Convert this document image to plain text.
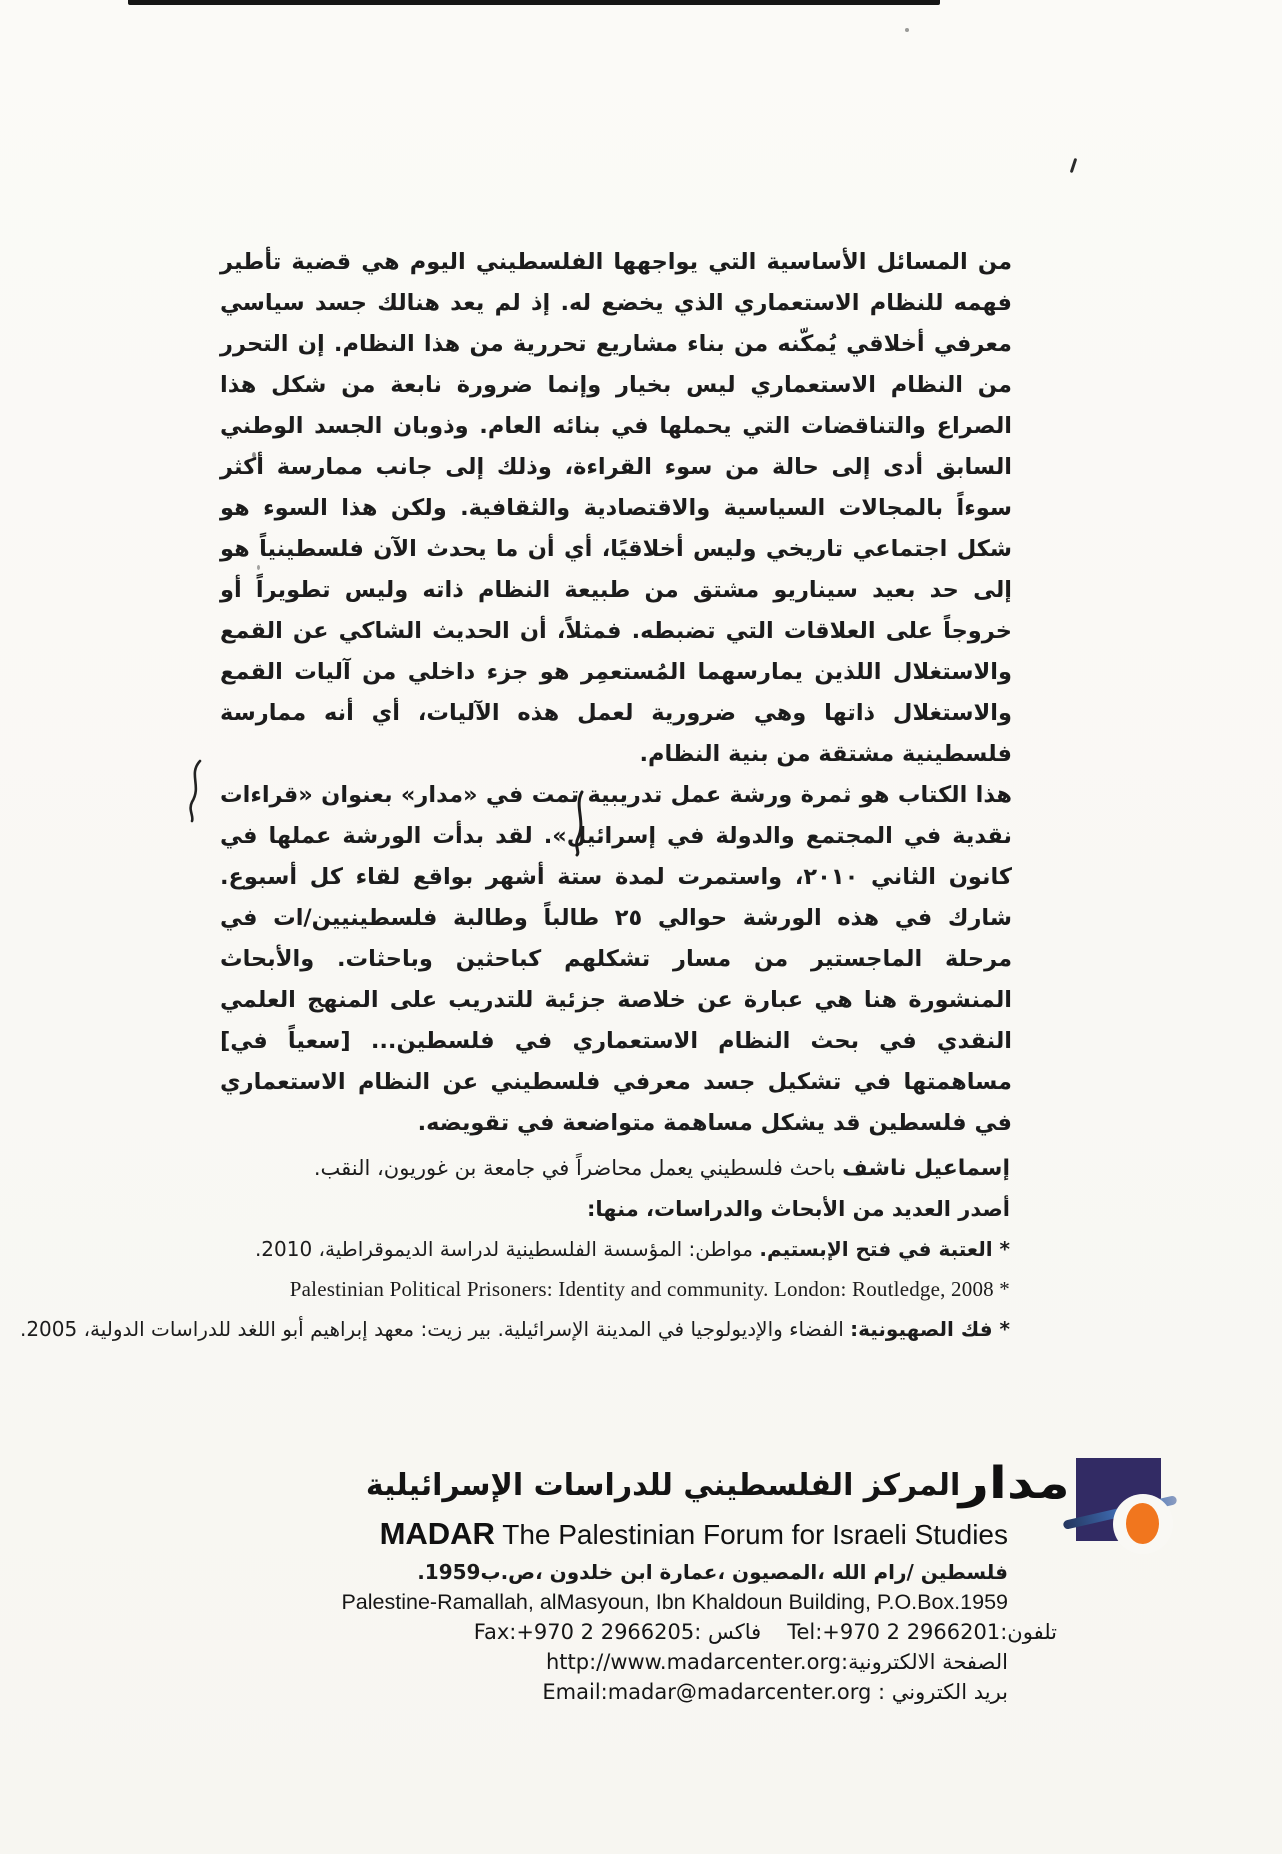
من المسائل الأساسية التي يواجهها الفلسطيني اليوم هي قضية تأطير فهمه للنظام الاستعماري الذي يخضع له. إذ لم يعد هنالك جسد سياسي معرفي أخلاقي يُمكّنه من بناء مشاريع تحررية من هذا النظام. إن التحرر من النظام الاستعماري ليس بخيار وإنما ضرورة نابعة من شكل هذا الصراع والتناقضات التي يحملها في بنائه العام. وذوبان الجسد الوطني السابق أدى إلى حالة من سوء القراءة، وذلك إلى جانب ممارسة أكثر سوءاً بالمجالات السياسية والاقتصادية والثقافية. ولكن هذا السوء هو شكل اجتماعي تاريخي وليس أخلاقيًا، أي أن ما يحدث الآن فلسطينياً هو إلى حد بعيد سيناريو مشتق من طبيعة النظام ذاته وليس تطويراً أو خروجاً على العلاقات التي تضبطه. فمثلاً، أن الحديث الشاكي عن القمع والاستغلال اللذين يمارسهما المُستعمِر هو جزء داخلي من آليات القمع والاستغلال ذاتها وهي ضرورية لعمل هذه الآليات، أي أنه ممارسة فلسطينية مشتقة من بنية النظام.

هذا الكتاب هو ثمرة ورشة عمل تدريبية تمت في «مدار» بعنوان «قراءات نقدية في المجتمع والدولة في إسرائيل». لقد بدأت الورشة عملها في كانون الثاني ٢٠١٠، واستمرت لمدة ستة أشهر بواقع لقاء كل أسبوع. شارك في هذه الورشة حوالي ٢٥ طالباً وطالبة فلسطينيين/ات في مرحلة الماجستير من مسار تشكلهم كباحثين وباحثات. والأبحاث المنشورة هنا هي عبارة عن خلاصة جزئية للتدريب على المنهج العلمي النقدي في بحث النظام الاستعماري في فلسطين... [سعياً في] مساهمتها في تشكيل جسد معرفي فلسطيني عن النظام الاستعماري في فلسطين قد يشكل مساهمة متواضعة في تقويضه.

إسماعيل ناشف باحث فلسطيني يعمل محاضراً في جامعة بن غوريون، النقب.
أصدر العديد من الأبحاث والدراسات، منها:
* العتبة في فتح الإبستيم. مواطن: المؤسسة الفلسطينية لدراسة الديموقراطية، 2010.
Palestinian Political Prisoners: Identity and community. London: Routledge, 2008 *
* فك الصهيونية: الفضاء والإديولوجيا في المدينة الإسرائيلية. بير زيت: معهد إبراهيم أبو اللغد للدراسات الدولية، 2005.
مدار
المركز الفلسطيني للدراسات الإسرائيلية
MADAR The Palestinian Forum for Israeli Studies
فلسطين /رام الله ،المصيون ،عمارة ابن خلدون ،ص.ب1959.
Palestine-Ramallah, alMasyoun, Ibn Khaldoun Building, P.O.Box.1959
تلفون:Tel:+970 2 2966201فاكس :Fax:+970 2 2966205
الصفحة الالكترونية:http://www.madarcenter.org
بريد الكتروني : Email:madar@madarcenter.org
